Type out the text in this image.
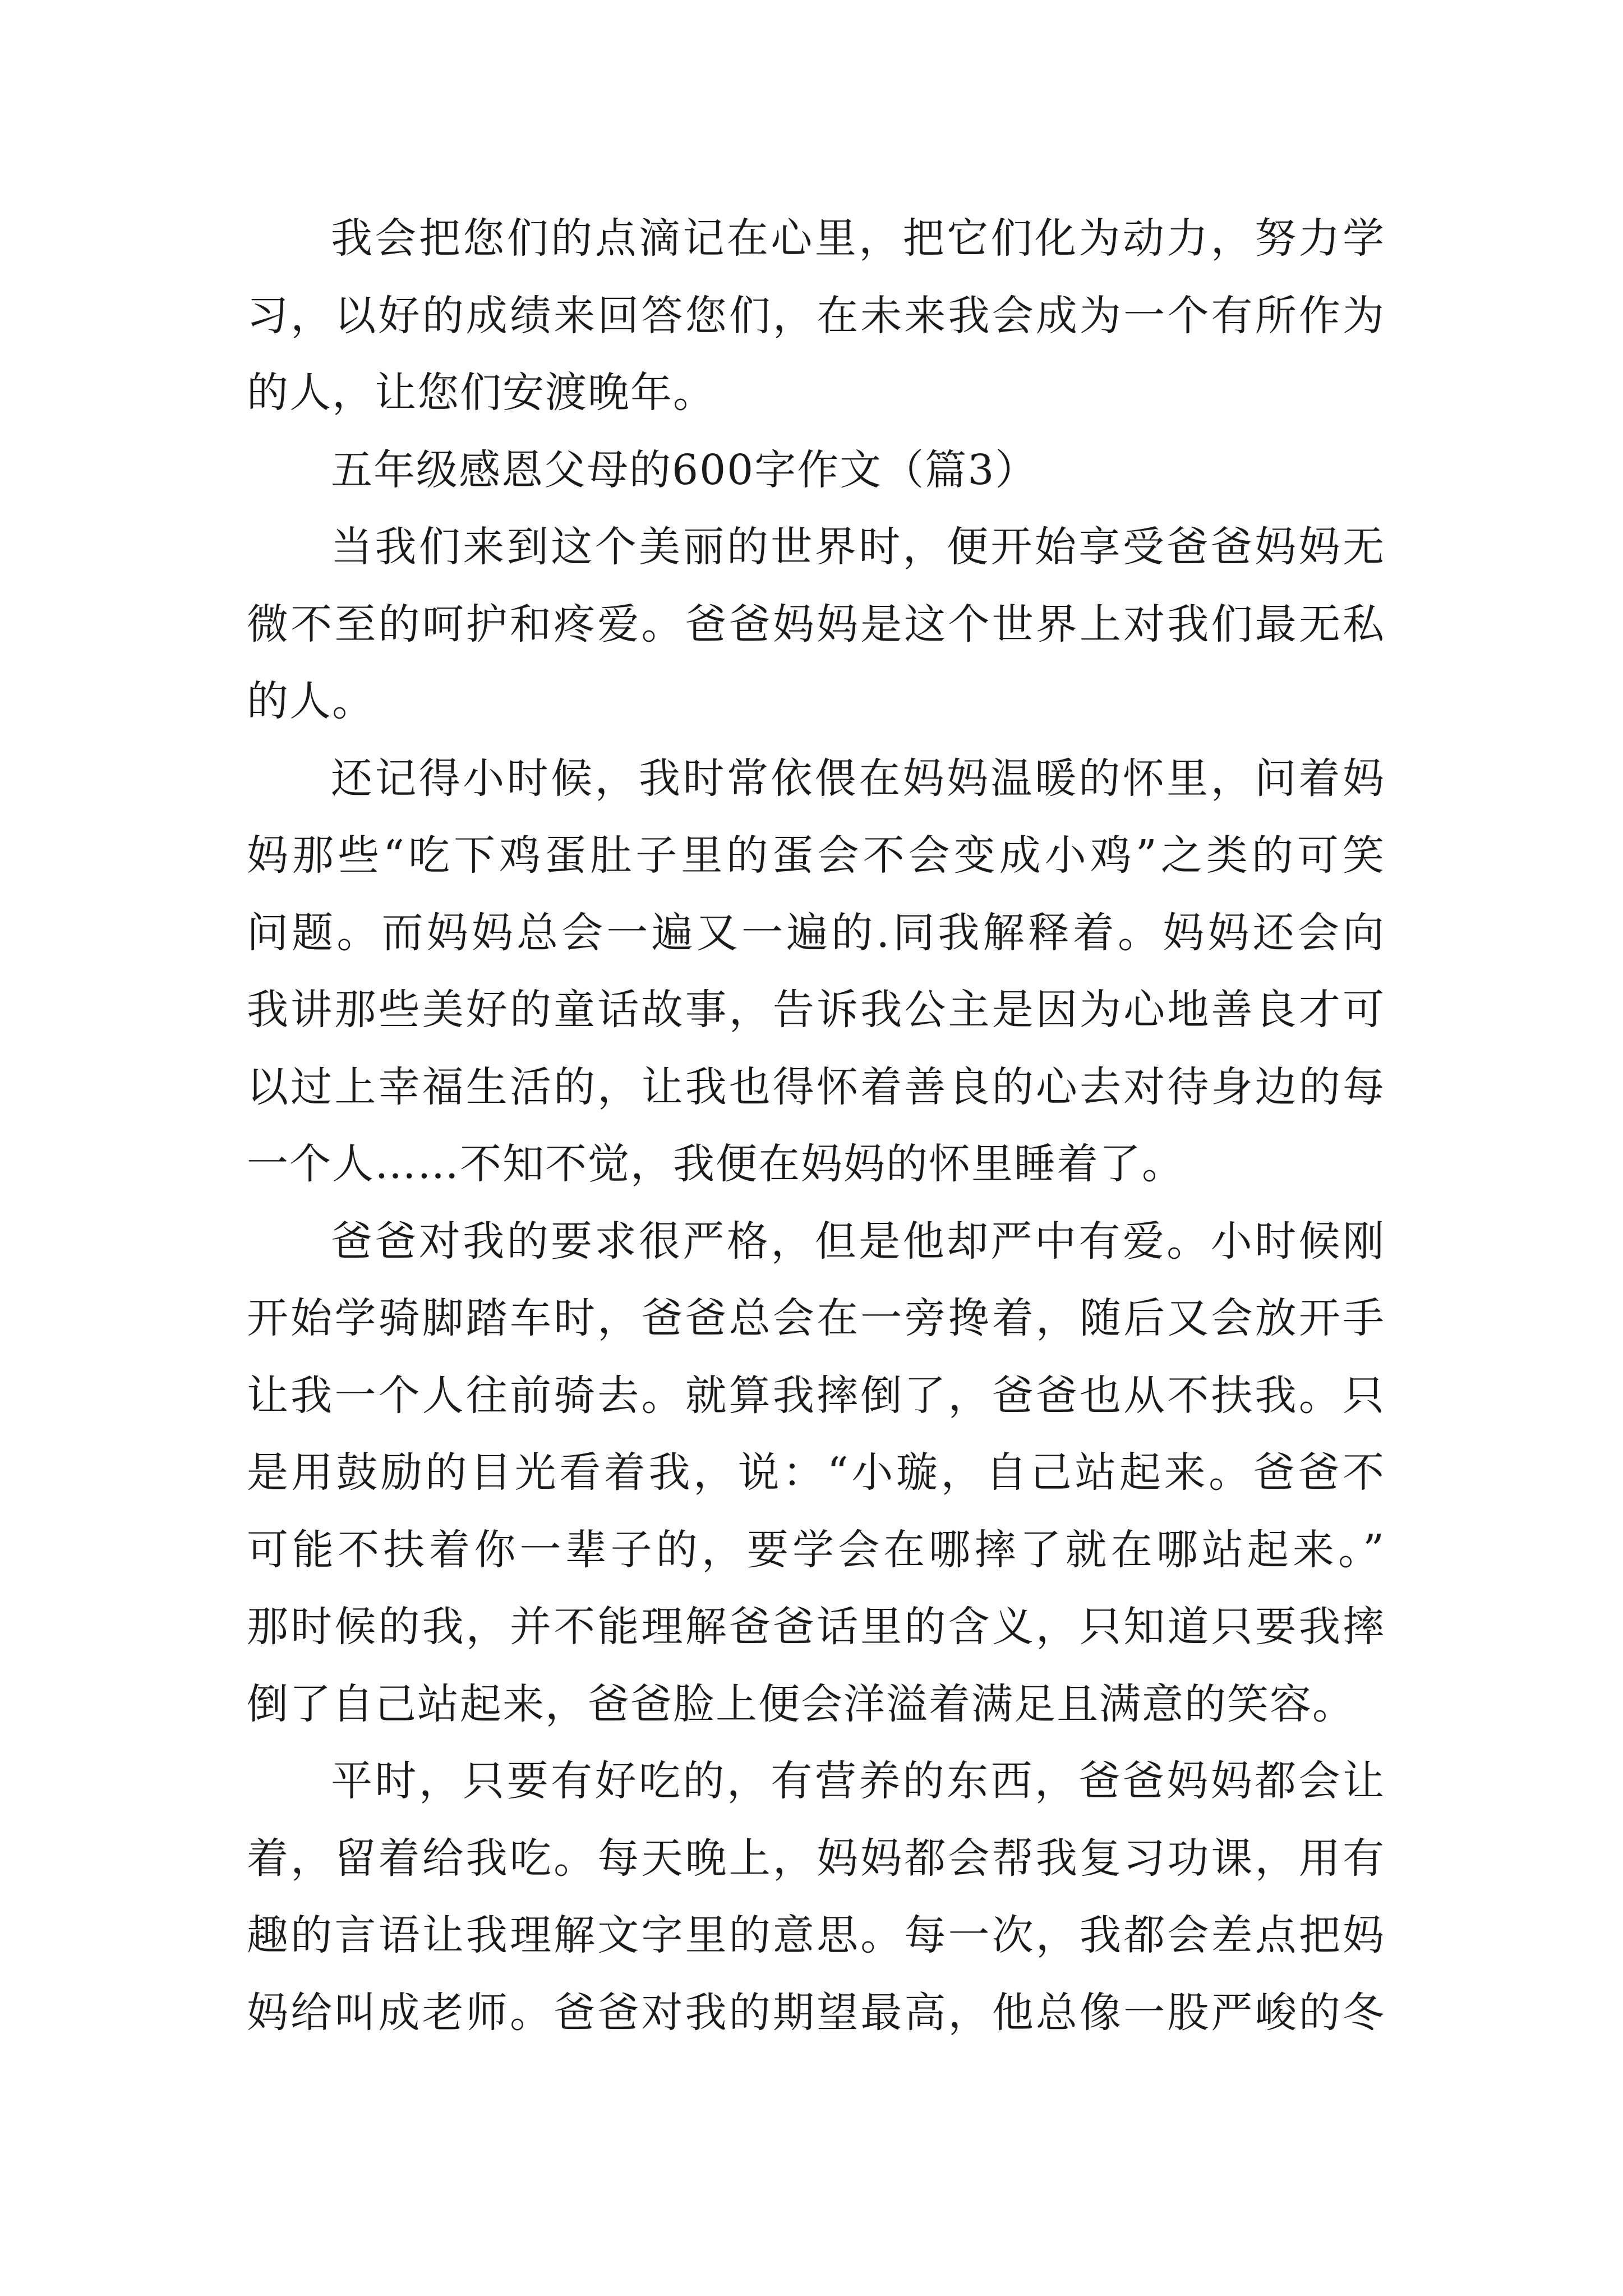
我会把您们的点滴记在心里，把它们化为动力，努力学
习，以好的成绩来回答您们，在未来我会成为一个有所作为
的人，让您们安渡晚年。
五年级感恩父母的600字作文（篇3）
当我们来到这个美丽的世界时，便开始享受爸爸妈妈无
微不至的呵护和疼爱。爸爸妈妈是这个世界上对我们最无私
的人。
还记得小时候，我时常依偎在妈妈温暖的怀里，问着妈
妈那些“吃下鸡蛋肚子里的蛋会不会变成小鸡”之类的可笑
问题。而妈妈总会一遍又一遍的.同我解释着。妈妈还会向
我讲那些美好的童话故事，告诉我公主是因为心地善良才可
以过上幸福生活的，让我也得怀着善良的心去对待身边的每
一个人……不知不觉，我便在妈妈的怀里睡着了。
爸爸对我的要求很严格，但是他却严中有爱。小时候刚
开始学骑脚踏车时，爸爸总会在一旁搀着，随后又会放开手
让我一个人往前骑去。就算我摔倒了，爸爸也从不扶我。只
是用鼓励的目光看着我，说：“小璇，自己站起来。爸爸不
可能不扶着你一辈子的，要学会在哪摔了就在哪站起来。”
那时候的我，并不能理解爸爸话里的含义，只知道只要我摔
倒了自己站起来，爸爸脸上便会洋溢着满足且满意的笑容。
平时，只要有好吃的，有营养的东西，爸爸妈妈都会让
着，留着给我吃。每天晚上，妈妈都会帮我复习功课，用有
趣的言语让我理解文字里的意思。每一次，我都会差点把妈
妈给叫成老师。爸爸对我的期望最高，他总像一股严峻的冬
